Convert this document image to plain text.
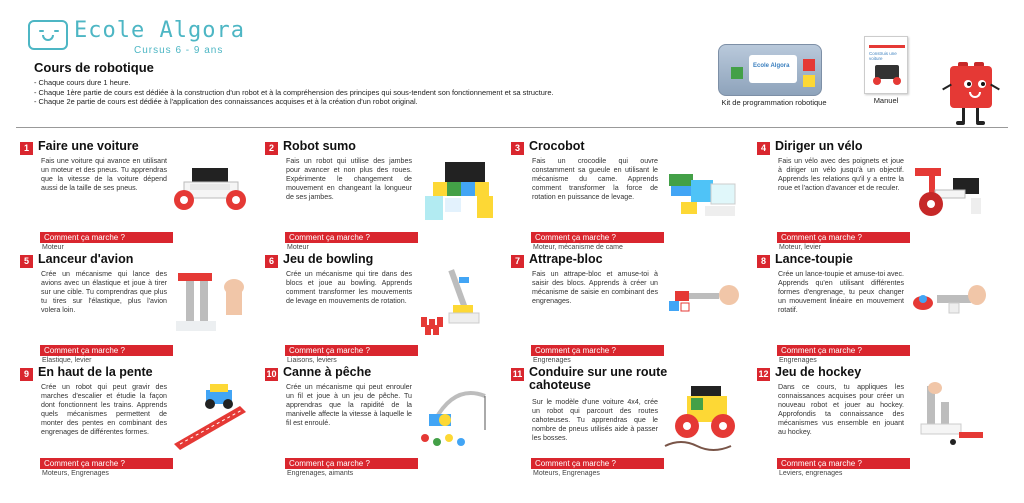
Ecole Algora
Cursus 6 - 9 ans
Cours de robotique
- Chaque cours dure 1 heure.
- Chaque 1ère partie de cours est dédiée à la construction d'un robot et à la compréhension des principes qui sous-tendent son fonctionnement et sa structure.
- Chaque 2e partie de cours est dédiée à l'application des connaissances acquises et à la création d'un robot original.
Ecole Algora
Kit de programmation robotique
Construis une voiture
Manuel
1 Faire une voiture
Fais une voiture qui avance en utilisant un moteur et des pneus. Tu apprendras que la vitesse de la voiture dépend aussi de la taille de ses pneus.
Comment ça marche ?
Moteur
2 Robot sumo
Fais un robot qui utilise des jambes pour avancer et non plus des roues. Expérimente le changement de mouvement en changeant la longueur de ses jambes.
Comment ça marche ?
Moteur
3 Crocobot
Fais un crocodile qui ouvre constamment sa gueule en utilisant le mécanisme du came. Apprends comment transformer la force de rotation en puissance de levage.
Comment ça marche ?
Moteur, mécanisme de came
4 Diriger un vélo
Fais un vélo avec des poignets et joue à diriger un vélo jusqu'à un objectif. Apprends les relations qu'il y a entre la roue et l'action d'avancer et de reculer.
Comment ça marche ?
Moteur, levier
5 Lanceur d'avion
Crée un mécanisme qui lance des avions avec un élastique et joue à tirer sur une cible. Tu comprendras que plus tu tires sur l'élastique, plus l'avion volera loin.
Comment ça marche ?
Elastique, levier
6 Jeu de bowling
Crée un mécanisme qui tire dans des blocs et joue au bowling. Apprends comment transformer les mouvements de levage en mouvements de rotation.
Comment ça marche ?
Liaisons, leviers
7 Attrape-bloc
Fais un attrape-bloc et amuse-toi à saisir des blocs. Apprends à créer un mécanisme de saisie en combinant des engrenages.
Comment ça marche ?
Engrenages
8 Lance-toupie
Crée un lance-toupie et amuse-toi avec. Apprends qu'en utilisant différentes formes d'engrenage, tu peux changer un mouvement linéaire en mouvement rotatif.
Comment ça marche ?
Engrenages
9 En haut de la pente
Crée un robot qui peut gravir des marches d'escalier et étudie la façon dont fonctionnent les trains. Apprends quels mécanismes permettent de monter des pentes en combinant des engrenages de différentes formes.
Comment ça marche ?
Moteurs, Engrenages
10 Canne à pêche
Crée un mécanisme qui peut enrouler un fil et joue à un jeu de pêche. Tu apprendras que la rapidité de la manivelle affecte la vitesse à laquelle le fil est enroulé.
Comment ça marche ?
Engrenages, aimants
11 Conduire sur une route cahoteuse
Sur le modèle d'une voiture 4x4, crée un robot qui parcourt des routes cahoteuses. Tu apprendras que le nombre de pneus utilisés aide à passer les bosses.
Comment ça marche ?
Moteurs, Engrenages
12 Jeu de hockey
Dans ce cours, tu appliques les connaissances acquises pour créer un nouveau robot et jouer au hockey. Approfondis ta connaissance des mécanismes vus ensemble en jouant au hockey.
Comment ça marche ?
Leviers, engrenages
